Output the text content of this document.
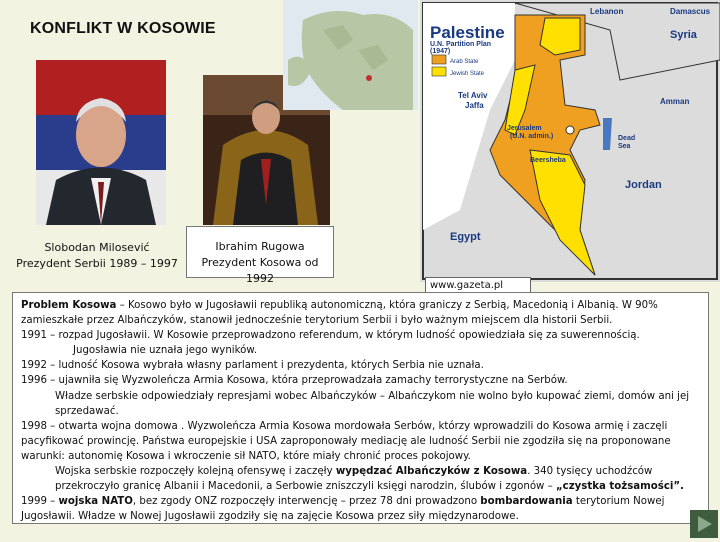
KONFLIKT W KOSOWIE
Slobodan Milosević
Prezydent Serbii 1989 – 1997
Ibrahim Rugowa
Prezydent Kosowa od 1992
Palestine
U.N. Partition Plan
(1947)
Arab State
Jewish State
Lebanon	Damascus
Syria
Tel Aviv
Jaffa	Amman
Jerusalem
(U.N. admin.)	Dead
Sea
Beersheba
Jordan
Egypt
www.gazeta.pl

Problem Kosowa – Kosowo było w Jugosławii republiką autonomiczną, która graniczy z Serbią, Macedonią i Albanią. W 90% zamieszkałe przez Albańczyków, stanowił jednocześnie terytorium Serbii i było ważnym miejscem dla historii Serbii.

1991 – rozpad Jugosławii. W Kosowie przeprowadzono referendum, w którym ludność opowiedziała się za suwerennością.

Jugosławia nie uznała jego wyników.

1992 – ludność Kosowa wybrała własny parlament i prezydenta, których Serbia nie uznała.

1996 – ujawniła się Wyzwoleńcza Armia Kosowa, która przeprowadzała zamachy terrorystyczne na Serbów.

Władze serbskie odpowiedziały represjami wobec Albańczyków – Albańczykom nie wolno było kupować ziemi, domów ani jej sprzedawać.

1998 – otwarta wojna domowa . Wyzwoleńcza Armia Kosowa mordowała Serbów, którzy wprowadzili do Kosowa armię i zaczęli pacyfikować prowincję. Państwa europejskie i USA zaproponowały mediację ale ludność Serbii nie zgodziła się na proponowane warunki: autonomię Kosowa i wkroczenie sił NATO, które miały chronić proces pokojowy.

Wojska serbskie rozpoczęły kolejną ofensywę i zaczęły wypędzać Albańczyków z Kosowa. 340 tysięcy uchodźców przekroczyło granicę Albanii i Macedonii, a Serbowie zniszczyli księgi narodzin, ślubów i zgonów – „czystka tożsamości”.

1999 – wojska NATO, bez zgody ONZ rozpoczęły interwencję – przez 78 dni prowadzono bombardowania terytorium Nowej Jugosławii. Władze w Nowej Jugosławii zgodziły się na zajęcie Kosowa przez siły międzynarodowe.
